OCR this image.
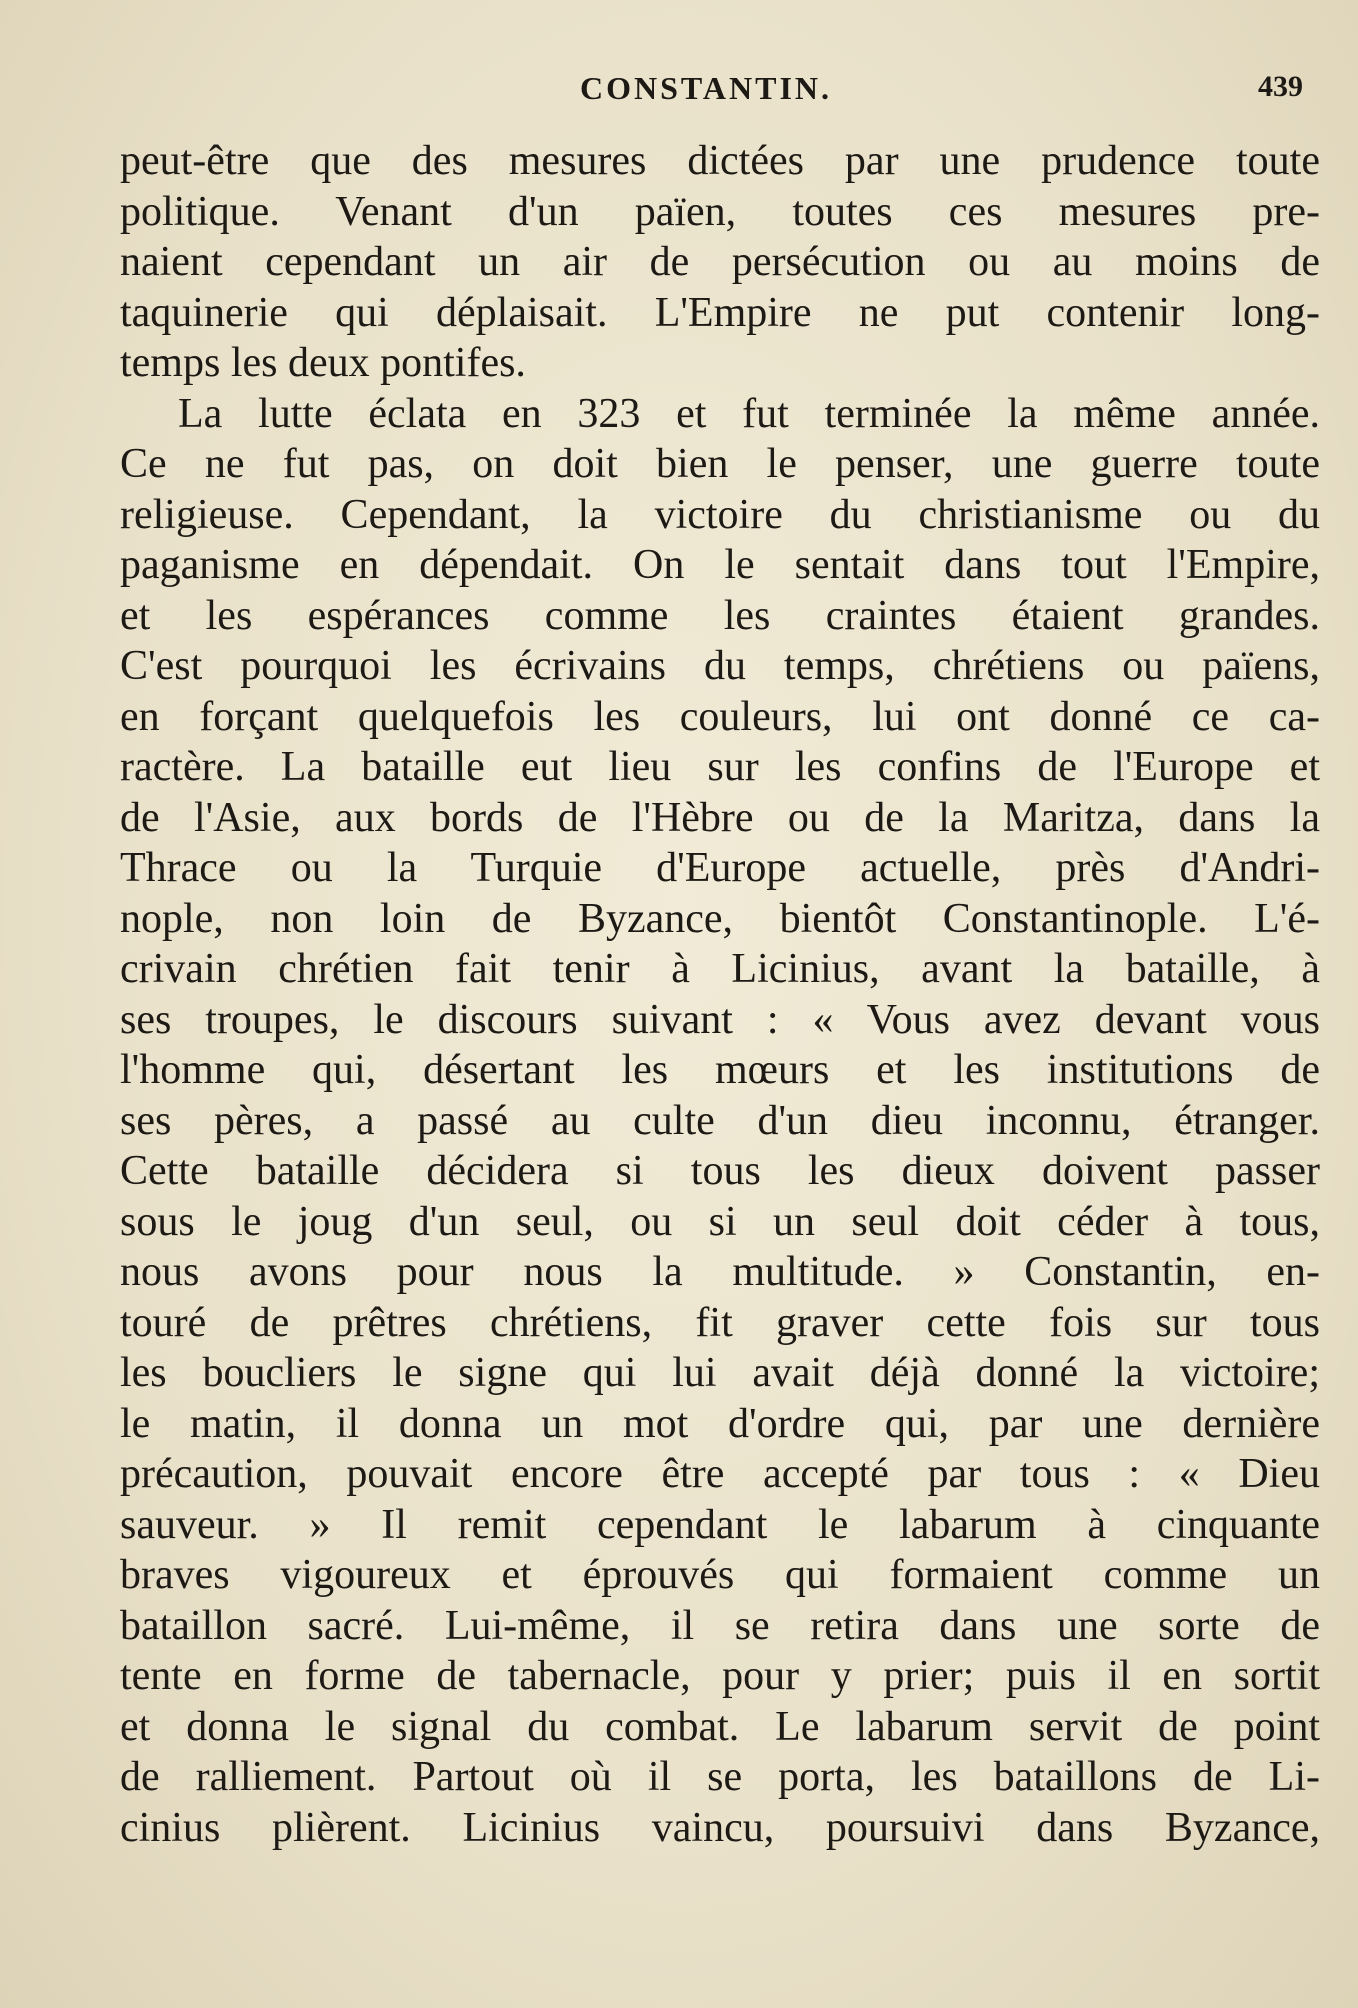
CONSTANTIN.	439
peut-être que des mesures dictées par une prudence toute
politique. Venant d'un païen, toutes ces mesures pre-
naient cependant un air de persécution ou au moins de
taquinerie qui déplaisait. L'Empire ne put contenir long-
temps les deux pontifes.
La lutte éclata en 323 et fut terminée la même année.
Ce ne fut pas, on doit bien le penser, une guerre toute
religieuse. Cependant, la victoire du christianisme ou du
paganisme en dépendait. On le sentait dans tout l'Empire,
et les espérances comme les craintes étaient grandes.
C'est pourquoi les écrivains du temps, chrétiens ou païens,
en forçant quelquefois les couleurs, lui ont donné ce ca-
ractère. La bataille eut lieu sur les confins de l'Europe et
de l'Asie, aux bords de l'Hèbre ou de la Maritza, dans la
Thrace ou la Turquie d'Europe actuelle, près d'Andri-
nople, non loin de Byzance, bientôt Constantinople. L'é-
crivain chrétien fait tenir à Licinius, avant la bataille, à
ses troupes, le discours suivant : « Vous avez devant vous
l'homme qui, désertant les mœurs et les institutions de
ses pères, a passé au culte d'un dieu inconnu, étranger.
Cette bataille décidera si tous les dieux doivent passer
sous le joug d'un seul, ou si un seul doit céder à tous,
nous avons pour nous la multitude. » Constantin, en-
touré de prêtres chrétiens, fit graver cette fois sur tous
les boucliers le signe qui lui avait déjà donné la victoire;
le matin, il donna un mot d'ordre qui, par une dernière
précaution, pouvait encore être accepté par tous : « Dieu
sauveur. » Il remit cependant le labarum à cinquante
braves vigoureux et éprouvés qui formaient comme un
bataillon sacré. Lui-même, il se retira dans une sorte de
tente en forme de tabernacle, pour y prier; puis il en sortit
et donna le signal du combat. Le labarum servit de point
de ralliement. Partout où il se porta, les bataillons de Li-
cinius plièrent. Licinius vaincu, poursuivi dans Byzance,
